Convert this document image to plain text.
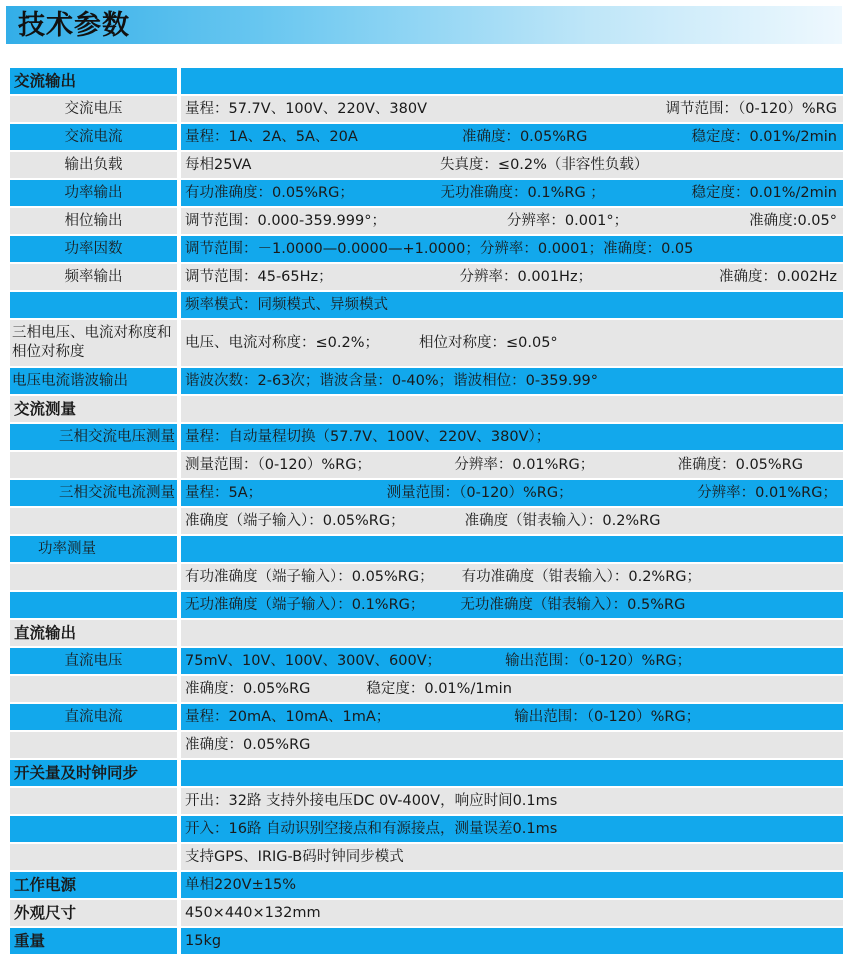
技术参数
交流输出	
交流电压	量程：57.7V、100V、220V、380V 调节范围：（0-120）%RG

交流电流	量程：1A、2A、5A、20A 准确度：0.05%RG 稳定度：0.01%/2min

输出负载	每相25VA 失真度：≤0.2%（非容性负载）

功率输出	有功准确度：0.05%RG； 无功准确度：0.1%RG ； 稳定度：0.01%/2min

相位输出	调节范围：0.000-359.999°； 分辨率：0.001°； 准确度:0.05°

功率因数	调节范围：－1.0000—0.0000—+1.0000；分辨率：0.0001；准确度：0.05
频率输出	调节范围：45-65Hz； 分辨率：0.001Hz； 准确度：0.002Hz

	频率模式：同频模式、异频模式
三相电压、电流对称度和相位对称度	电压、电流对称度：≤0.2%； 相位对称度：≤0.05°
电压电流谐波输出	谐波次数：2-63次；谐波含量：0-40%；谐波相位：0-359.99°
交流测量	
三相交流电压测量	量程：自动量程切换（57.7V、100V、220V、380V）；

	测量范围：（0-120）%RG； 分辨率：0.01%RG； 准确度：0.05%RG

三相交流电流测量	量程：5A； 测量范围：（0-120）%RG； 分辨率：0.01%RG；

	准确度（端子输入）：0.05%RG； 准确度（钳表输入）：0.2%RG

功率测量	
	有功准确度（端子输入）：0.05%RG； 有功准确度（钳表输入）：0.2%RG；
	无功准确度（端子输入）：0.1%RG； 无功准确度（钳表输入）：0.5%RG
直流输出	
直流电压	75mV、10V、100V、300V、600V； 输出范围：（0-120）%RG；
	准确度：0.05%RG 稳定度：0.01%/1min
直流电流	量程：20mA、10mA、1mA； 输出范围：（0-120）%RG；
	准确度：0.05%RG
开关量及时钟同步	
	开出：32路 支持外接电压DC 0V-400V，响应时间0.1ms
	开入：16路 自动识别空接点和有源接点，测量误差0.1ms
	支持GPS、IRIG-B码时钟同步模式
工作电源	单相220V±15%
外观尺寸	450×440×132mm
重量	15kg
